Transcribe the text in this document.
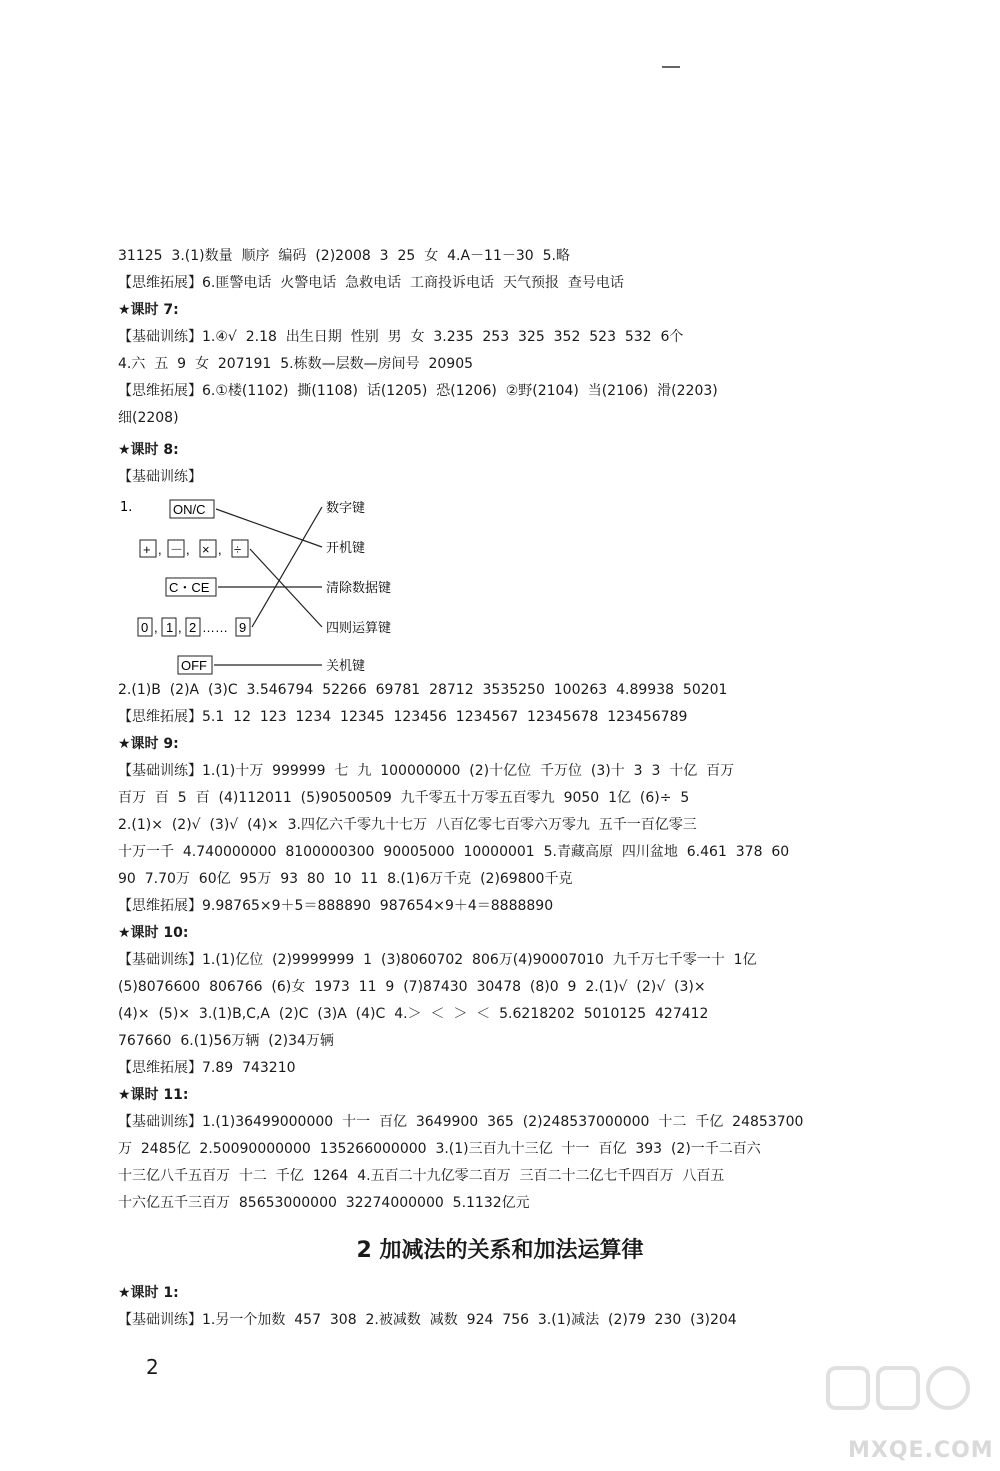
31125  3.(1)数量  顺序  编码  (2)2008  3  25  女  4.A－11－30  5.略
【思维拓展】6.匪警电话  火警电话  急救电话  工商投诉电话  天气预报  查号电话
★课时 7:
【基础训练】1.④√  2.18  出生日期  性别  男  女  3.235  253  325  352  523  532  6个
4.六  五  9  女  207191  5.栋数—层数—房间号  20905
【思维拓展】6.①楼(1102)  撕(1108)  话(1205)  恐(1206)  ②野(2104)  当(2106)  滑(2203)
细(2208)
★课时 8:
【基础训练】
1.	ON/C
+ , － , × , ÷
C・CE
0 , 1 , 2 …… 9
OFF
数字键
开机键
清除数据键
四则运算键
关机键
2.(1)B  (2)A  (3)C  3.546794  52266  69781  28712  3535250  100263  4.89938  50201
【思维拓展】5.1  12  123  1234  12345  123456  1234567  12345678  123456789
★课时 9:
【基础训练】1.(1)十万  999999  七  九  100000000  (2)十亿位  千万位  (3)十  3  3  十亿  百万
百万  百  5  百  (4)112011  (5)90500509  九千零五十万零五百零九  9050  1亿  (6)÷  5
2.(1)×  (2)√  (3)√  (4)×  3.四亿六千零九十七万  八百亿零七百零六万零九  五千一百亿零三
十万一千  4.740000000  8100000300  90005000  10000001  5.青藏高原  四川盆地  6.461  378  60
90  7.70万  60亿  95万  93  80  10  11  8.(1)6万千克  (2)69800千克
【思维拓展】9.98765×9＋5＝888890  987654×9＋4＝8888890
★课时 10:
【基础训练】1.(1)亿位  (2)9999999  1  (3)8060702  806万(4)90007010  九千万七千零一十  1亿
(5)8076600  806766  (6)女  1973  11  9  (7)87430  30478  (8)0  9  2.(1)√  (2)√  (3)×
(4)×  (5)×  3.(1)B,C,A  (2)C  (3)A  (4)C  4.＞  ＜  ＞  ＜  5.6218202  5010125  427412
767660  6.(1)56万辆  (2)34万辆
【思维拓展】7.89  743210
★课时 11:
【基础训练】1.(1)36499000000  十一  百亿  3649900  365  (2)248537000000  十二  千亿  24853700
万  2485亿  2.50090000000  135266000000  3.(1)三百九十三亿  十一  百亿  393  (2)一千二百六
十三亿八千五百万  十二  千亿  1264  4.五百二十九亿零二百万  三百二十二亿七千四百万  八百五
十六亿五千三百万  85653000000  32274000000  5.1132亿元
2 加减法的关系和加法运算律
★课时 1:
【基础训练】1.另一个加数  457  308  2.被减数  减数  924  756  3.(1)减法  (2)79  230  (3)204
2
MXQE.COM
